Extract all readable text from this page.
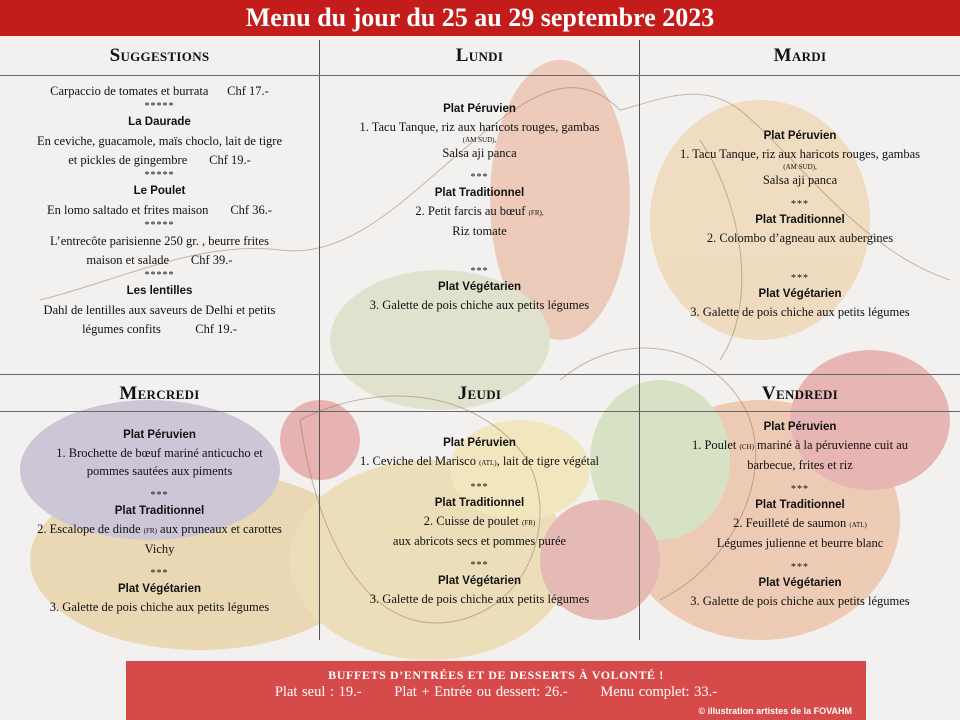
Menu du jour du 25 au 29 septembre 2023
Suggestions	Lundi	Mardi
Mercredi	Jeudi	Vendredi
Carpaccio de tomates et burrata Chf 17.-
*****
La Daurade
En ceviche, guacamole, maïs choclo, lait de tigre
et pickles de gingembre Chf 19.-
*****
Le Poulet
En lomo saltado et frites maison Chf 36.-
*****
L’entrecôte parisienne 250 gr. , beurre frites
maison et salade Chf 39.-
*****
Les lentilles
Dahl de lentilles aux saveurs de Delhi et petits
légumes confits	Chf 19.-
Plat Péruvien
1. Tacu Tanque, riz aux haricots rouges, gambas
(AM SUD),
Salsa aji panca
***
Plat Traditionnel
2. Petit farcis au bœuf (FR),
Riz tomate
***
Plat Végétarien
3. Galette de pois chiche aux petits légumes
Plat Péruvien
1. Tacu Tanque, riz aux haricots rouges, gambas
(AM SUD),
Salsa aji panca
***
Plat Traditionnel
2. Colombo d’agneau aux aubergines
***
Plat Végétarien
3. Galette de pois chiche aux petits légumes
Plat Péruvien
1. Brochette de bœuf mariné anticucho et
pommes sautées aux piments
***
Plat Traditionnel
2. Escalope de dinde (FR) aux pruneaux et carottes
Vichy
***
Plat Végétarien
3. Galette de pois chiche aux petits légumes
Plat Péruvien
1. Ceviche del Marisco (ATL), lait de tigre végétal
***
Plat Traditionnel
2. Cuisse de poulet (FR)
aux abricots secs et pommes purée
***
Plat Végétarien
3. Galette de pois chiche aux petits légumes
Plat Péruvien
1. Poulet (CH) mariné à la péruvienne cuit au
barbecue, frites et riz
***
Plat Traditionnel
2. Feuilleté de saumon (ATL)
Légumes julienne et beurre blanc
***
Plat Végétarien
3. Galette de pois chiche aux petits légumes
BUFFETS D’ENTRÉES ET DE DESSERTS À VOLONTÉ !
Plat seul : 19.- Plat + Entrée ou dessert: 26.- Menu complet: 33.-
© illustration artistes de la FOVAHM
